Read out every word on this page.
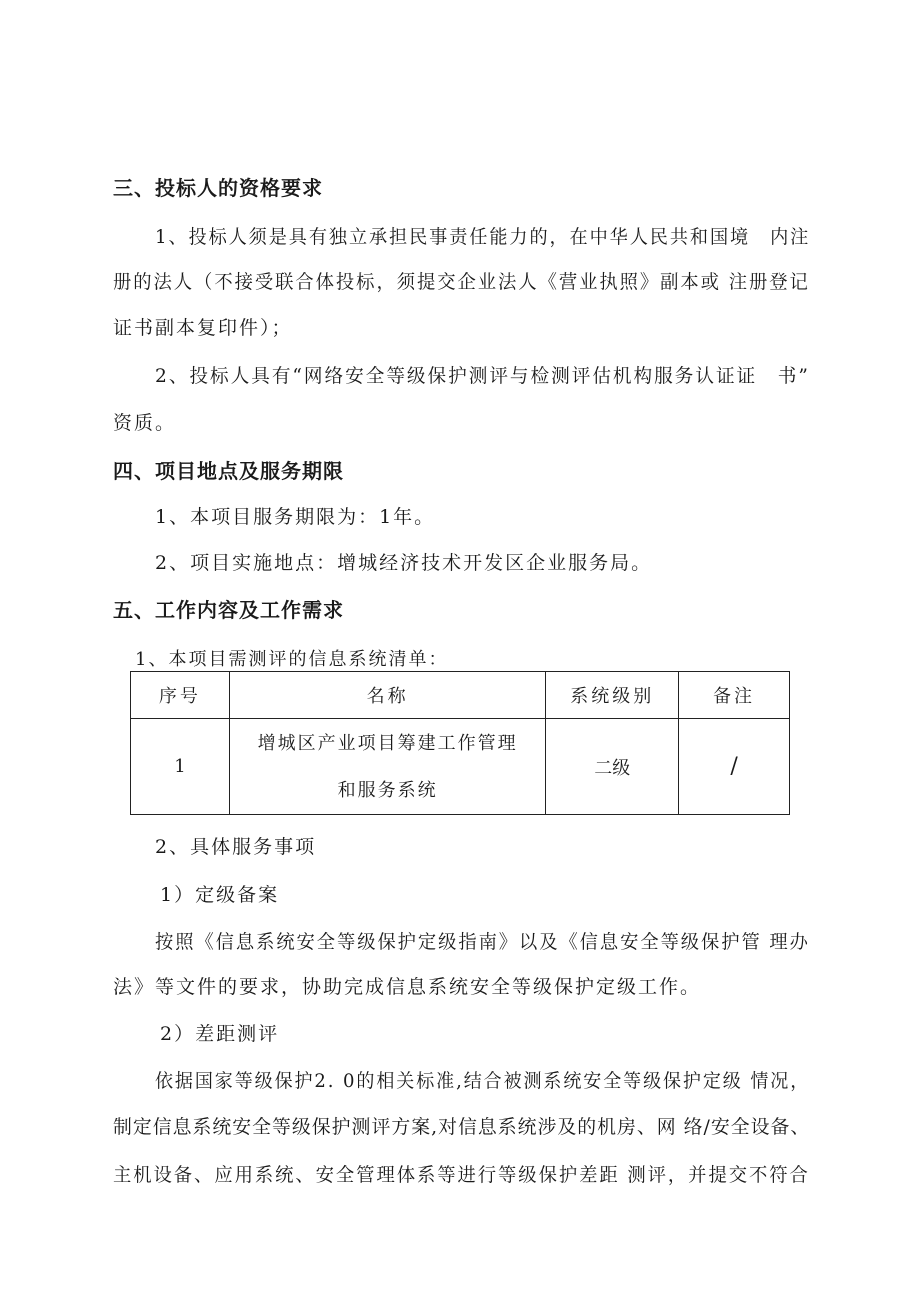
三、投标人的资格要求
1、投标人须是具有独立承担民事责任能力的，在中华人民共和国境　内注
册的法人（不接受联合体投标，须提交企业法人《营业执照》副本或 注册登记
证书副本复印件）；
2、投标人具有“网络安全等级保护测评与检测评估机构服务认证证　书”
资质。
四、项目地点及服务期限
1、本项目服务期限为：1年。
2、项目实施地点：增城经济技术开发区企业服务局。
五、工作内容及工作需求
1、本项目需测评的信息系统清单：
序号	名称	系统级别	备注
1	增城区产业项目筹建工作管理
和服务系统	二级	/
2、具体服务事项
1）定级备案
按照《信息系统安全等级保护定级指南》以及《信息安全等级保护管 理办
法》等文件的要求，协助完成信息系统安全等级保护定级工作。
2）差距测评
依据国家等级保护2. 0的相关标准,结合被测系统安全等级保护定级 情况，
制定信息系统安全等级保护测评方案,对信息系统涉及的机房、网 络/安全设备、
主机设备、应用系统、安全管理体系等进行等级保护差距 测评，并提交不符合
